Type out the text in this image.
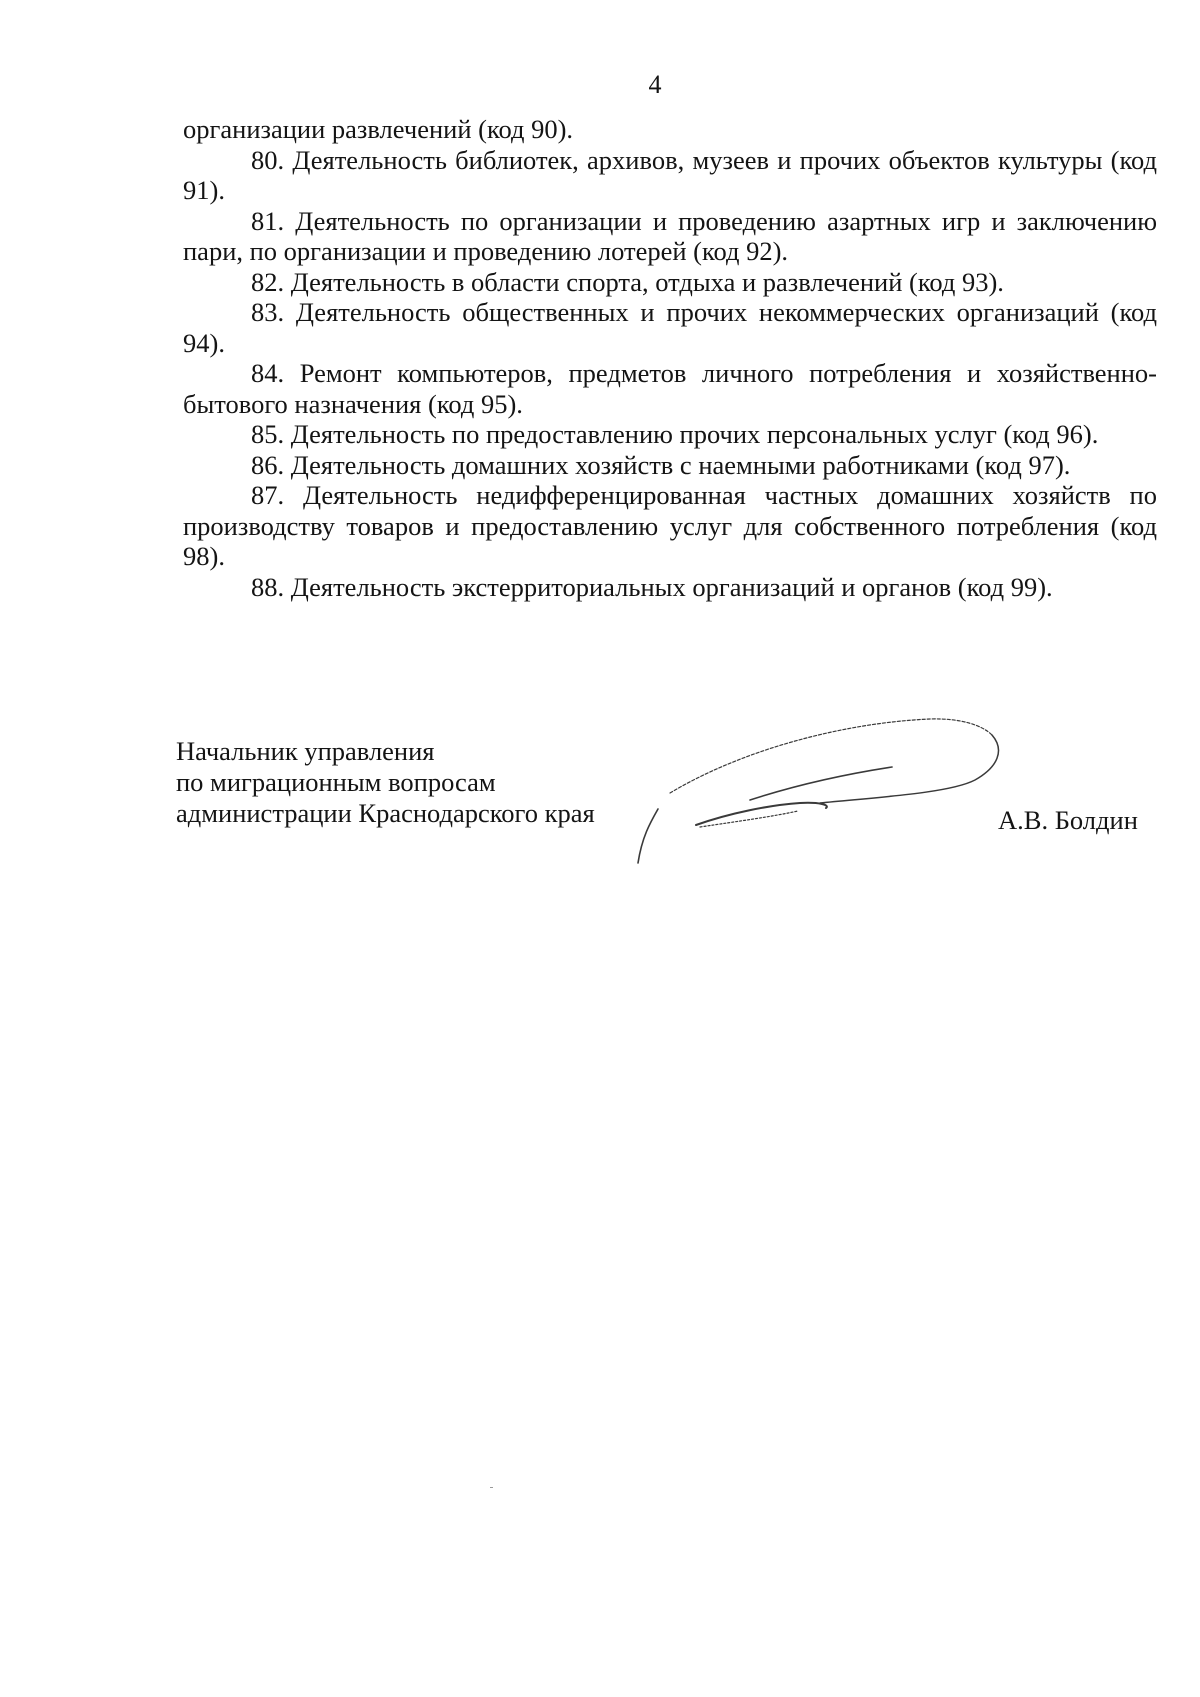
4

организации развлечений (код 90).

80. Деятельность библиотек, архивов, музеев и прочих объектов культуры (код 91).

81. Деятельность по организации и проведению азартных игр и заключению пари, по организации и проведению лотерей (код 92).

82. Деятельность в области спорта, отдыха и развлечений (код 93).

83. Деятельность общественных и прочих некоммерческих организаций (код 94).

84. Ремонт компьютеров, предметов личного потребления и хозяйственно-бытового назначения (код 95).

85. Деятельность по предоставлению прочих персональных услуг (код 96).

86. Деятельность домашних хозяйств с наемными работниками (код 97).

87. Деятельность недифференцированная частных домашних хозяйств по производству товаров и предоставлению услуг для собственного потребления (код 98).

88. Деятельность экстерриториальных организаций и органов (код 99).

Начальник управления
по миграционным вопросам
администрации Краснодарского края	А.В. Болдин
